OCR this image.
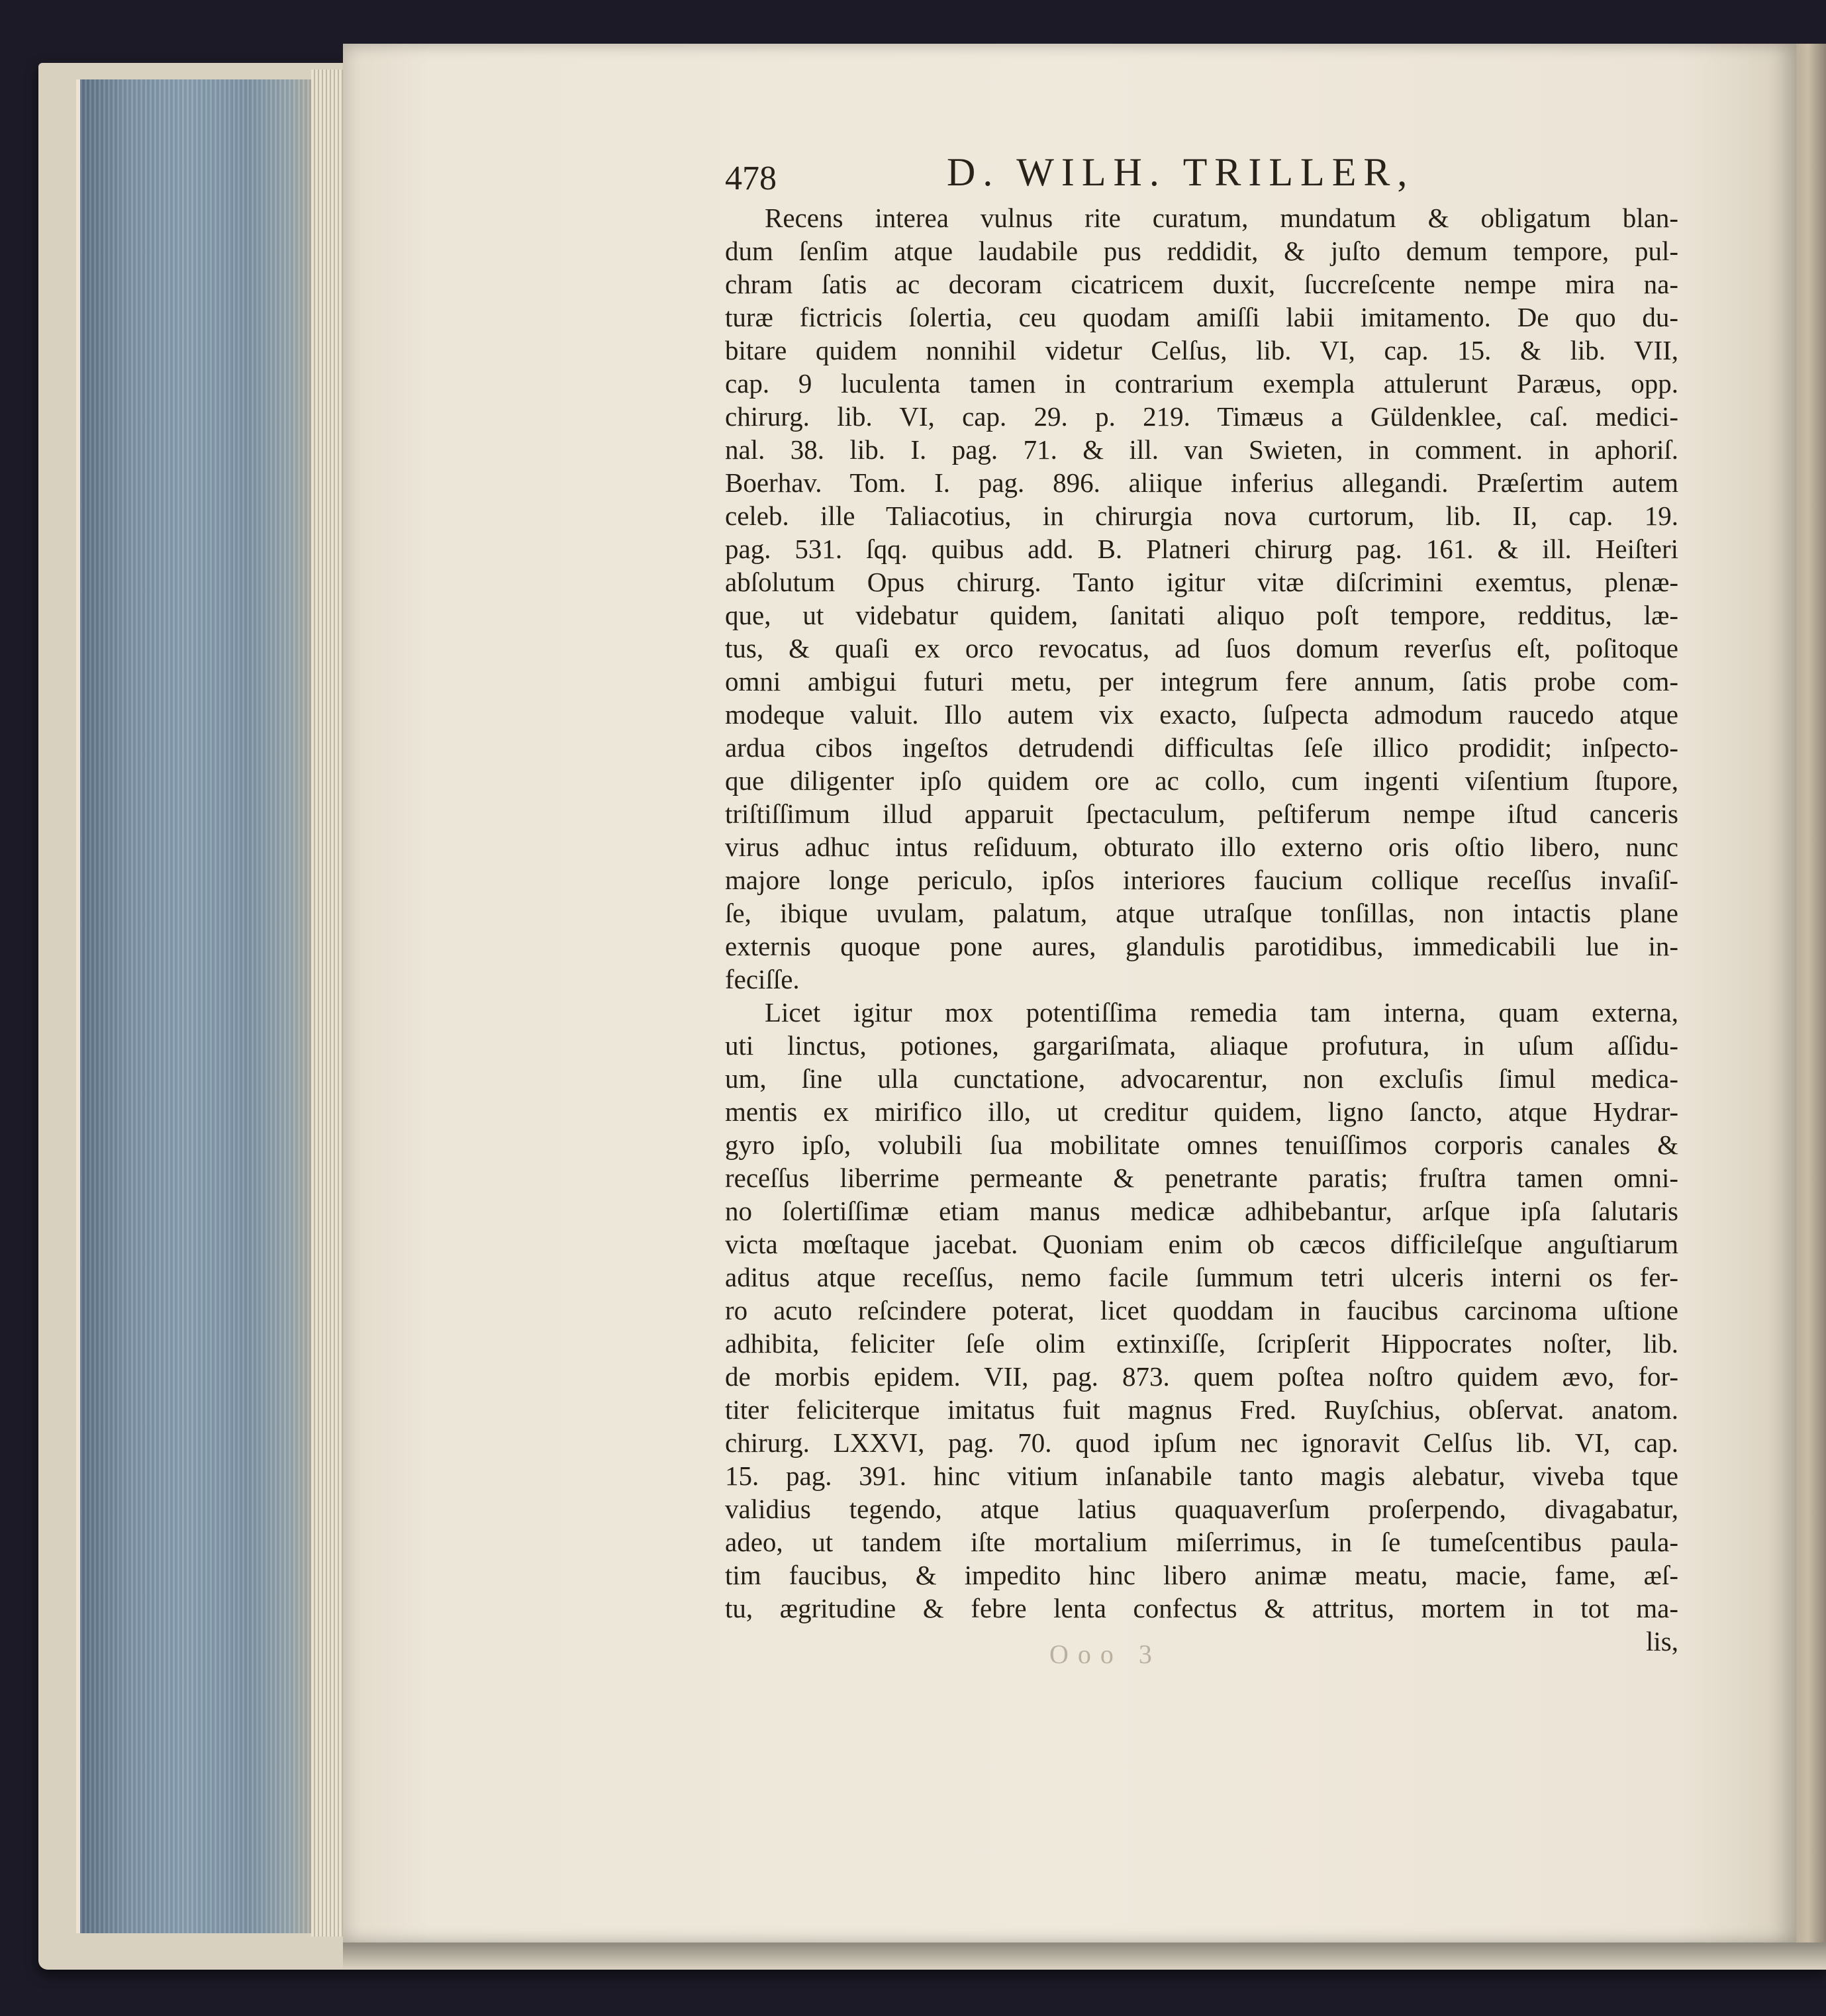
478	D. WILH. TRILLER,
Recens interea vulnus rite curatum, mundatum & obligatum blan-
dum ſenſim atque laudabile pus reddidit, & juſto demum tempore, pul-
chram ſatis ac decoram cicatricem duxit, ſuccreſcente nempe mira na-
turæ fictricis ſolertia, ceu quodam amiſſi labii imitamento. De quo du-
bitare quidem nonnihil videtur Celſus, lib. VI, cap. 15. & lib. VII,
cap. 9 luculenta tamen in contrarium exempla attulerunt Paræus, opp.
chirurg. lib. VI, cap. 29. p. 219. Timæus a Güldenklee, caſ. medici-
nal. 38. lib. I. pag. 71. & ill. van Swieten, in comment. in aphoriſ.
Boerhav. Tom. I. pag. 896. aliique inferius allegandi. Præſertim autem
celeb. ille Taliacotius, in chirurgia nova curtorum, lib. II, cap. 19.
pag. 531. ſqq. quibus add. B. Platneri chirurg pag. 161. & ill. Heiſteri
abſolutum Opus chirurg. Tanto igitur vitæ diſcrimini exemtus, plenæ-
que, ut videbatur quidem, ſanitati aliquo poſt tempore, redditus, læ-
tus, & quaſi ex orco revocatus, ad ſuos domum reverſus eſt, poſitoque
omni ambigui futuri metu, per integrum fere annum, ſatis probe com-
modeque valuit. Illo autem vix exacto, ſuſpecta admodum raucedo atque
ardua cibos ingeſtos detrudendi difficultas ſeſe illico prodidit; inſpecto-
que diligenter ipſo quidem ore ac collo, cum ingenti viſentium ſtupore,
triſtiſſimum illud apparuit ſpectaculum, peſtiferum nempe iſtud canceris
virus adhuc intus reſiduum, obturato illo externo oris oſtio libero, nunc
majore longe periculo, ipſos interiores faucium collique receſſus invaſiſ-
ſe, ibique uvulam, palatum, atque utraſque tonſillas, non intactis plane
externis quoque pone aures, glandulis parotidibus, immedicabili lue in-
feciſſe.
Licet igitur mox potentiſſima remedia tam interna, quam externa,
uti linctus, potiones, gargariſmata, aliaque profutura, in uſum aſſidu-
um, ſine ulla cunctatione, advocarentur, non excluſis ſimul medica-
mentis ex mirifico illo, ut creditur quidem, ligno ſancto, atque Hydrar-
gyro ipſo, volubili ſua mobilitate omnes tenuiſſimos corporis canales &
receſſus liberrime permeante & penetrante paratis; fruſtra tamen omni-
no ſolertiſſimæ etiam manus medicæ adhibebantur, arſque ipſa ſalutaris
victa mœſtaque jacebat. Quoniam enim ob cæcos difficileſque anguſtiarum
aditus atque receſſus, nemo facile ſummum tetri ulceris interni os fer-
ro acuto reſcindere poterat, licet quoddam in faucibus carcinoma uſtione
adhibita, feliciter ſeſe olim extinxiſſe, ſcripſerit Hippocrates noſter, lib.
de morbis epidem. VII, pag. 873. quem poſtea noſtro quidem ævo, for-
titer feliciterque imitatus fuit magnus Fred. Ruyſchius, obſervat. anatom.
chirurg. LXXVI, pag. 70. quod ipſum nec ignoravit Celſus lib. VI, cap.
15. pag. 391. hinc vitium inſanabile tanto magis alebatur, viveba tque
validius tegendo, atque latius quaquaverſum proſerpendo, divagabatur,
adeo, ut tandem iſte mortalium miſerrimus, in ſe tumeſcentibus paula-
tim faucibus, & impedito hinc libero animæ meatu, macie, fame, æſ-
tu, ægritudine & febre lenta confectus & attritus, mortem in tot ma-
lis,
Ooo 3
